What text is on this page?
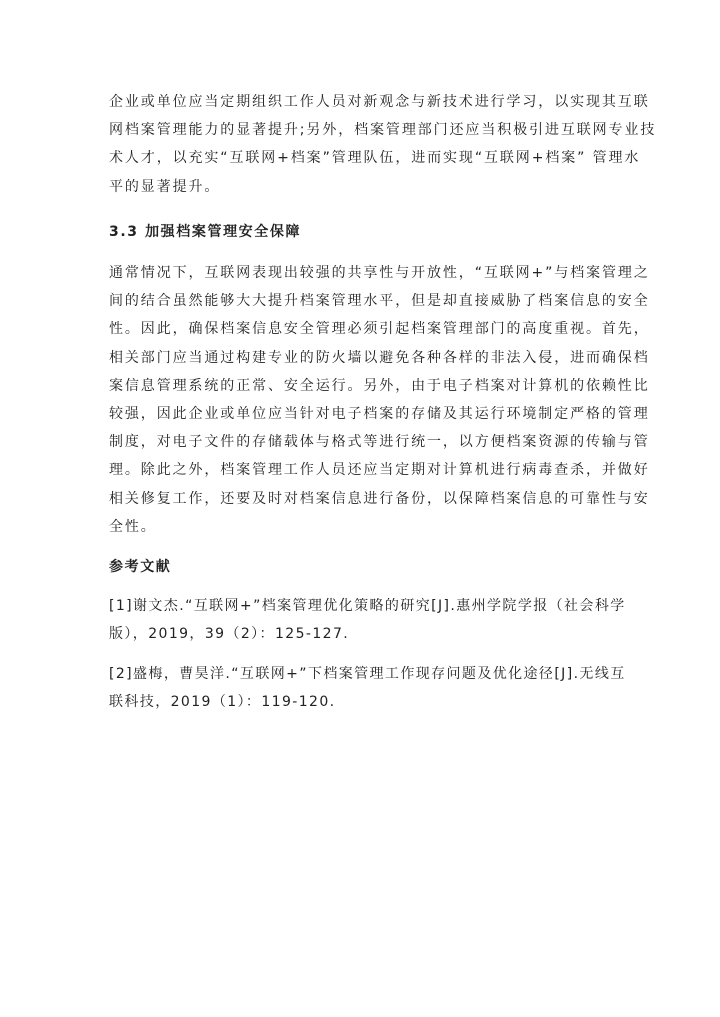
企业或单位应当定期组织工作人员对新观念与新技术进行学习，以实现其互联
网档案管理能力的显著提升;另外，档案管理部门还应当积极引进互联网专业技
术人才，以充实“互联网+档案”管理队伍，进而实现“互联网+档案” 管理水
平的显著提升。

3.3 加强档案管理安全保障

通常情况下，互联网表现出较强的共享性与开放性，“互联网+”与档案管理之
间的结合虽然能够大大提升档案管理水平，但是却直接威胁了档案信息的安全
性。因此，确保档案信息安全管理必须引起档案管理部门的高度重视。首先，
相关部门应当通过构建专业的防火墙以避免各种各样的非法入侵，进而确保档
案信息管理系统的正常、安全运行。另外，由于电子档案对计算机的依赖性比
较强，因此企业或单位应当针对电子档案的存储及其运行环境制定严格的管理
制度，对电子文件的存储载体与格式等进行统一，以方便档案资源的传输与管
理。除此之外，档案管理工作人员还应当定期对计算机进行病毒查杀，并做好
相关修复工作，还要及时对档案信息进行备份，以保障档案信息的可靠性与安
全性。

参考文献

[1]谢文杰.“互联网+”档案管理优化策略的研究[J].惠州学院学报（社会科学
版），2019，39（2）：125-127.

[2]盛梅，曹昊洋.“互联网+”下档案管理工作现存问题及优化途径[J].无线互
联科技，2019（1）：119-120.
